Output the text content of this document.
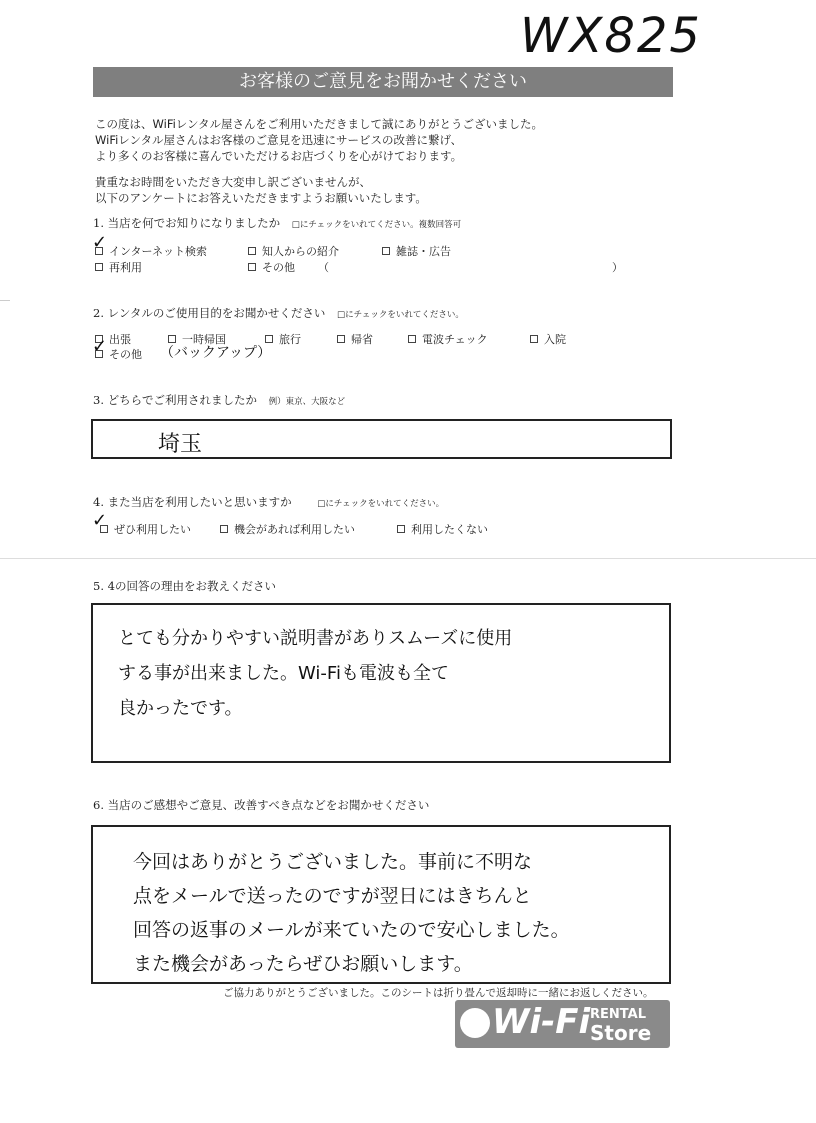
WX825
お客様のご意見をお聞かせください
この度は、WiFiレンタル屋さんをご利用いただきまして誠にありがとうございました。
WiFiレンタル屋さんはお客様のご意見を迅速にサービスの改善に繋げ、
より多くのお客様に喜んでいただけるお店づくりを心がけております。
貴重なお時間をいただき大変申し訳ございませんが、
以下のアンケートにお答えいただきますようお願いいたします。
1. 当店を何でお知りになりましたか □にチェックをいれてください。複数回答可
インターネット検索
✓	知人からの紹介	雑誌・広告
再利用	その他 （	）
2. レンタルのご使用目的をお聞かせください □にチェックをいれてください。
出張	一時帰国	旅行	帰省	電波チェック	入院
その他
✓	（バックアップ）
3. どちらでご利用されましたか 例）東京、大阪など
埼玉
4. また当店を利用したいと思いますか	□にチェックをいれてください。
ぜひ利用したい
✓	機会があれば利用したい	利用したくない
5. 4の回答の理由をお教えください
とても分かりやすい説明書がありスムーズに使用
する事が出来ました。Wi-Fiも電波も全て
良かったです。
6. 当店のご感想やご意見、改善すべき点などをお聞かせください
今回はありがとうございました。事前に不明な
点をメールで送ったのですが翌日にはきちんと
回答の返事のメールが来ていたので安心しました。
また機会があったらぜひお願いします。
ご協力ありがとうございました。このシートは折り畳んで返却時に一緒にお返しください。
Wi-Fi RENTAL
Store
